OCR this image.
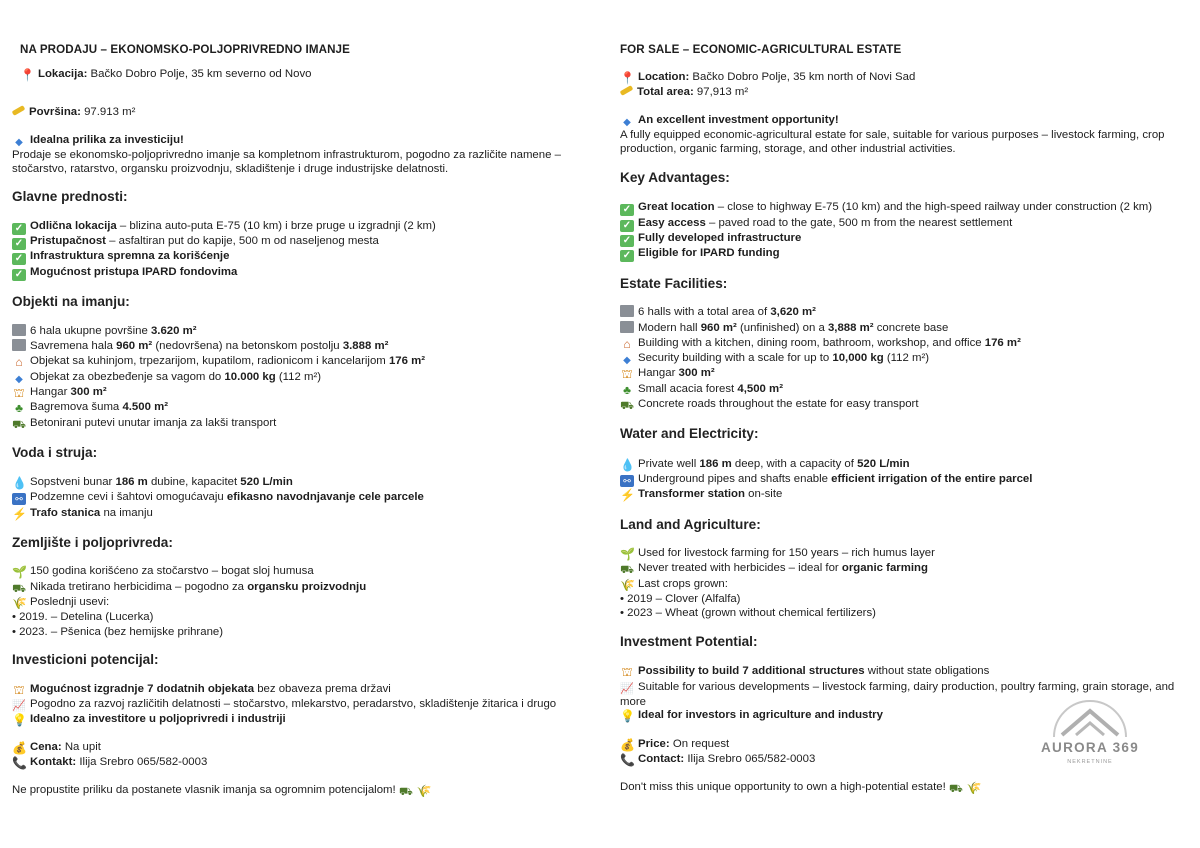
NA PRODAJU – EKONOMSKO-POLJOPRIVREDNO IMANJE
📍 Lokacija: Bačko Dobro Polje, 35 km severno od Novo
Površina: 97.913 m²
◆ Idealna prilika za investiciju!
Prodaje se ekonomsko-poljoprivredno imanje sa kompletnom infrastrukturom, pogodno za različite namene – stočarstvo, ratarstvo, organsku proizvodnju, skladištenje i druge industrijske delatnosti.
Glavne prednosti:
✓ Odlična lokacija – blizina auto-puta E-75 (10 km) i brze pruge u izgradnji (2 km)
✓ Pristupačnost – asfaltiran put do kapije, 500 m od naseljenog mesta
✓ Infrastruktura spremna za korišćenje
✓ Mogućnost pristupa IPARD fondovima
Objekti na imanju:
6 hala ukupne površine 3.620 m²
Savremena hala 960 m² (nedovršena) na betonskom postolju 3.888 m²
⌂ Objekat sa kuhinjom, trpezarijom, kupatilom, radionicom i kancelarijom 176 m²
◆ Objekat za obezbeđenje sa vagom do 10.000 kg (112 m²)
⛫ Hangar 300 m²
♣ Bagremova šuma 4.500 m²
⛟ Betonirani putevi unutar imanja za lakši transport
Voda i struja:
💧 Sopstveni bunar 186 m dubine, kapacitet 520 L/min
⚯ Podzemne cevi i šahtovi omogućavaju efikasno navodnjavanje cele parcele
⚡ Trafo stanica na imanju
Zemljište i poljoprivreda:
🌱 150 godina korišćeno za stočarstvo – bogat sloj humusa
⛟ Nikada tretirano herbicidima – pogodno za organsku proizvodnju
🌾 Poslednji usevi:
• 2019. – Detelina (Lucerka)
• 2023. – Pšenica (bez hemijske prihrane)
Investicioni potencijal:
⛫ Mogućnost izgradnje 7 dodatnih objekata bez obaveza prema državi
📈 Pogodno za razvoj različitih delatnosti – stočarstvo, mlekarstvo, peradarstvo, skladištenje žitarica i drugo
💡 Idealno za investitore u poljoprivredi i industriji
💰 Cena: Na upit
📞 Kontakt: Ilija Srebro 065/582-0003
Ne propustite priliku da postanete vlasnik imanja sa ogromnim potencijalom! ⛟ 🌾
FOR SALE – ECONOMIC-AGRICULTURAL ESTATE
📍 Location: Bačko Dobro Polje, 35 km north of Novi Sad
Total area: 97,913 m²
◆ An excellent investment opportunity!
A fully equipped economic-agricultural estate for sale, suitable for various purposes – livestock farming, crop production, organic farming, storage, and other industrial activities.
Key Advantages:
✓ Great location – close to highway E-75 (10 km) and the high-speed railway under construction (2 km)
✓ Easy access – paved road to the gate, 500 m from the nearest settlement
✓ Fully developed infrastructure
✓ Eligible for IPARD funding
Estate Facilities:
6 halls with a total area of 3,620 m²
Modern hall 960 m² (unfinished) on a 3,888 m² concrete base
⌂ Building with a kitchen, dining room, bathroom, workshop, and office 176 m²
◆ Security building with a scale for up to 10,000 kg (112 m²)
⛫ Hangar 300 m²
♣ Small acacia forest 4,500 m²
⛟ Concrete roads throughout the estate for easy transport
Water and Electricity:
💧 Private well 186 m deep, with a capacity of 520 L/min
⚯ Underground pipes and shafts enable efficient irrigation of the entire parcel
⚡ Transformer station on-site
Land and Agriculture:
🌱 Used for livestock farming for 150 years – rich humus layer
⛟ Never treated with herbicides – ideal for organic farming
🌾 Last crops grown:
• 2019 – Clover (Alfalfa)
• 2023 – Wheat (grown without chemical fertilizers)
Investment Potential:
⛫ Possibility to build 7 additional structures without state obligations
📈 Suitable for various developments – livestock farming, dairy production, poultry farming, grain storage, and more
💡 Ideal for investors in agriculture and industry
💰 Price: On request
📞 Contact: Ilija Srebro 065/582-0003
Don't miss this unique opportunity to own a high-potential estate! ⛟ 🌾
AURORA 369
NEKRETNINE
